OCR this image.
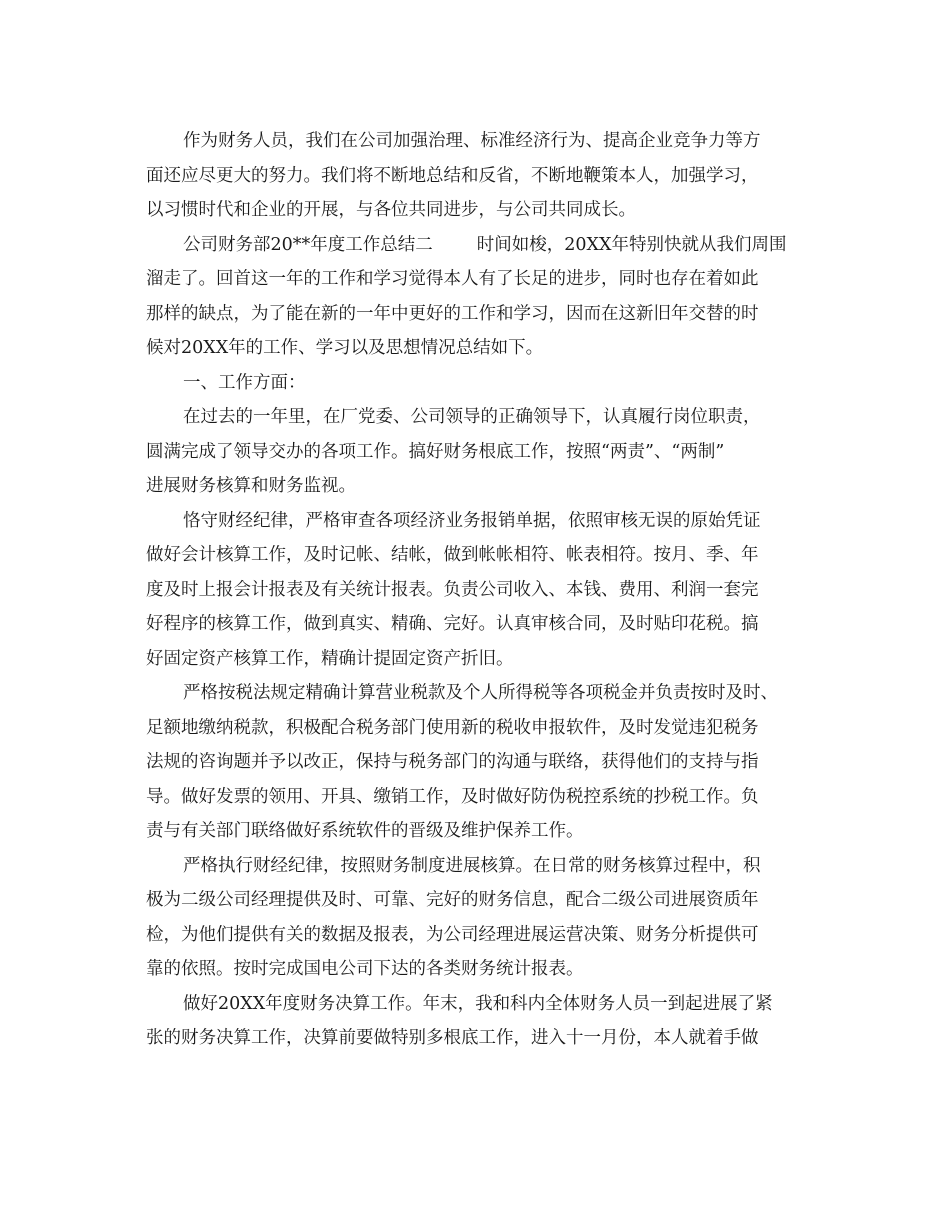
作为财务人员，我们在公司加强治理、标准经济行为、提高企业竞争力等方
面还应尽更大的努力。我们将不断地总结和反省，不断地鞭策本人，加强学习，
以习惯时代和企业的开展，与各位共同进步，与公司共同成长。

公司财务部20**年度工作总结二	时间如梭，20XX年特别快就从我们周围
溜走了。回首这一年的工作和学习觉得本人有了长足的进步，同时也存在着如此
那样的缺点，为了能在新的一年中更好的工作和学习，因而在这新旧年交替的时
候对20XX年的工作、学习以及思想情况总结如下。

一、工作方面：

在过去的一年里，在厂党委、公司领导的正确领导下，认真履行岗位职责，
圆满完成了领导交办的各项工作。搞好财务根底工作，按照“两责”、“两制”
进展财务核算和财务监视。

恪守财经纪律，严格审查各项经济业务报销单据，依照审核无误的原始凭证
做好会计核算工作，及时记帐、结帐，做到帐帐相符、帐表相符。按月、季、年
度及时上报会计报表及有关统计报表。负责公司收入、本钱、费用、利润一套完
好程序的核算工作，做到真实、精确、完好。认真审核合同，及时贴印花税。搞
好固定资产核算工作，精确计提固定资产折旧。

严格按税法规定精确计算营业税款及个人所得税等各项税金并负责按时及时、
足额地缴纳税款，积极配合税务部门使用新的税收申报软件，及时发觉违犯税务
法规的咨询题并予以改正，保持与税务部门的沟通与联络，获得他们的支持与指
导。做好发票的领用、开具、缴销工作，及时做好防伪税控系统的抄税工作。负
责与有关部门联络做好系统软件的晋级及维护保养工作。

严格执行财经纪律，按照财务制度进展核算。在日常的财务核算过程中，积
极为二级公司经理提供及时、可靠、完好的财务信息，配合二级公司进展资质年
检，为他们提供有关的数据及报表，为公司经理进展运营决策、财务分析提供可
靠的依照。按时完成国电公司下达的各类财务统计报表。

做好20XX年度财务决算工作。年末，我和科内全体财务人员一到起进展了紧
张的财务决算工作，决算前要做特别多根底工作，进入十一月份，本人就着手做
